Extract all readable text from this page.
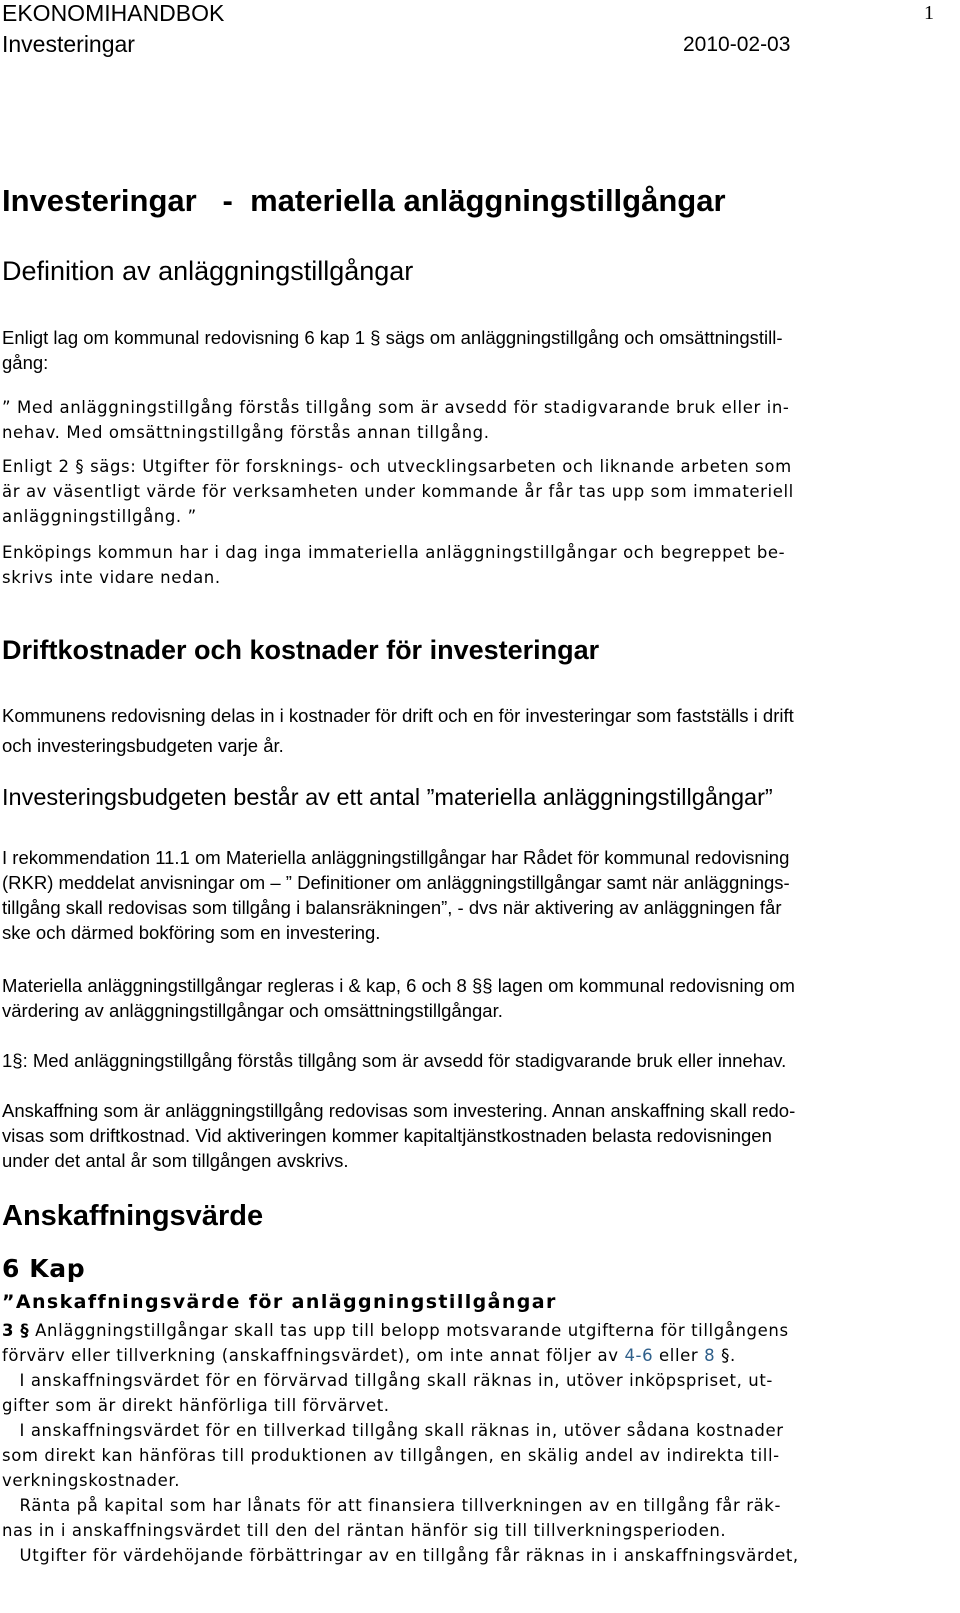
EKONOMIHANDBOK	1
Investeringar	2010-02-03
Investeringar   -  materiella anläggningstillgångar
Definition av anläggningstillgångar
Enligt lag om kommunal redovisning 6 kap 1 § sägs om anläggningstillgång och omsättningstill-
gång:
” Med anläggningstillgång förstås tillgång som är avsedd för stadigvarande bruk eller in-
nehav. Med omsättningstillgång förstås annan tillgång.
Enligt 2 § sägs: Utgifter för forsknings- och utvecklingsarbeten och liknande arbeten som
är av väsentligt värde för verksamheten under kommande år får tas upp som immateriell
anläggningstillgång. ”
Enköpings kommun har i dag inga immateriella anläggningstillgångar och begreppet be-
skrivs inte vidare nedan.
Driftkostnader och kostnader för investeringar
Kommunens redovisning delas in i kostnader för drift och en för investeringar som fastställs i drift
och investeringsbudgeten varje år.
Investeringsbudgeten består av ett antal ”materiella anläggningstillgångar”
I rekommendation 11.1 om Materiella anläggningstillgångar har Rådet för kommunal redovisning
(RKR) meddelat anvisningar om – ” Definitioner om anläggningstillgångar samt när anläggnings-
tillgång skall redovisas som tillgång i balansräkningen”, - dvs när aktivering av anläggningen får
ske och därmed bokföring som en investering.
Materiella anläggningstillgångar regleras i & kap, 6 och 8 §§ lagen om kommunal redovisning om
värdering av anläggningstillgångar och omsättningstillgångar.
1§: Med anläggningstillgång förstås tillgång som är avsedd för stadigvarande bruk eller innehav.
Anskaffning som är anläggningstillgång redovisas som investering. Annan anskaffning skall redo-
visas som driftkostnad. Vid aktiveringen kommer kapitaltjänstkostnaden belasta redovisningen
under det antal år som tillgången avskrivs.
Anskaffningsvärde
6 Kap
”Anskaffningsvärde för anläggningstillgångar
3 § Anläggningstillgångar skall tas upp till belopp motsvarande utgifterna för tillgångens
förvärv eller tillverkning (anskaffningsvärdet), om inte annat följer av 4-6 eller 8 §.
I anskaffningsvärdet för en förvärvad tillgång skall räknas in, utöver inköpspriset, ut-
gifter som är direkt hänförliga till förvärvet.
I anskaffningsvärdet för en tillverkad tillgång skall räknas in, utöver sådana kostnader
som direkt kan hänföras till produktionen av tillgången, en skälig andel av indirekta till-
verkningskostnader.
Ränta på kapital som har lånats för att finansiera tillverkningen av en tillgång får räk-
nas in i anskaffningsvärdet till den del räntan hänför sig till tillverkningsperioden.
Utgifter för värdehöjande förbättringar av en tillgång får räknas in i anskaffningsvärdet,
